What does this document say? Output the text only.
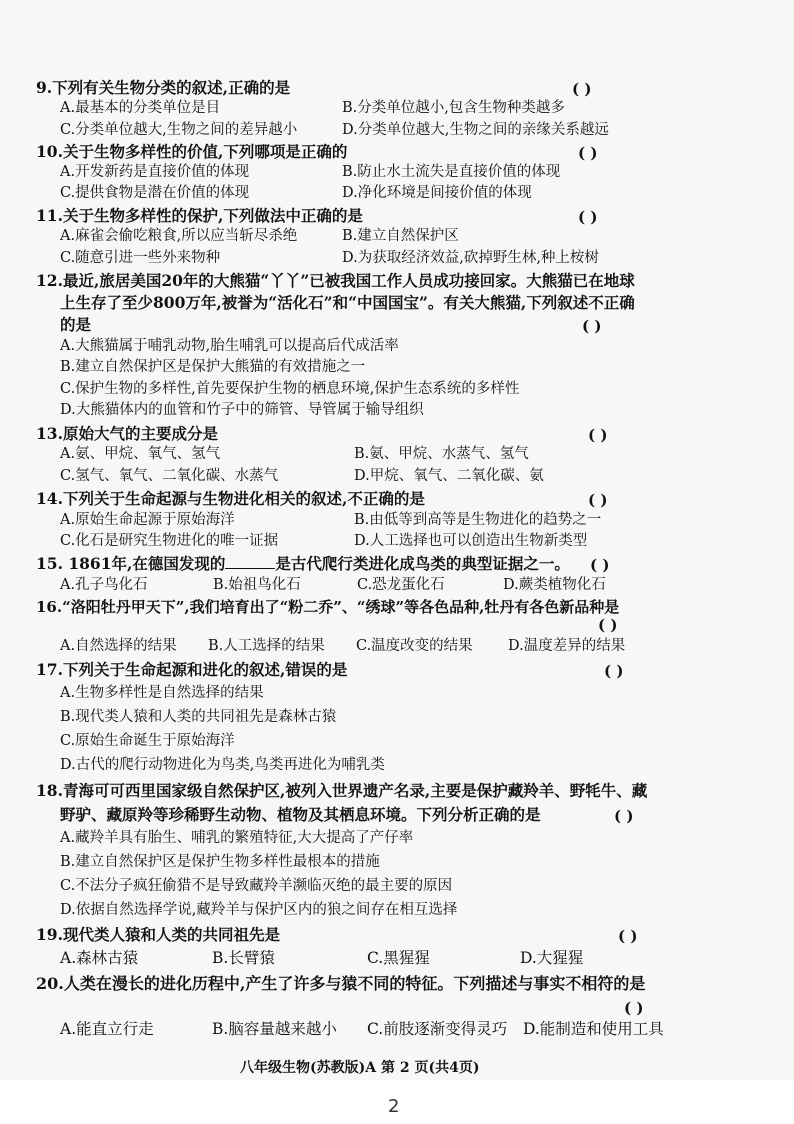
9.下列有关生物分类的叙述,正确的是	( )
A.最基本的分类单位是目	B.分类单位越小,包含生物种类越多
C.分类单位越大,生物之间的差异越小	D.分类单位越大,生物之间的亲缘关系越远
10.关于生物多样性的价值,下列哪项是正确的	( )
A.开发新药是直接价值的体现	B.防止水土流失是直接价值的体现
C.提供食物是潜在价值的体现	D.净化环境是间接价值的体现
11.关于生物多样性的保护,下列做法中正确的是	( )
A.麻雀会偷吃粮食,所以应当斩尽杀绝	B.建立自然保护区
C.随意引进一些外来物种	D.为获取经济效益,砍掉野生林,种上桉树
12.最近,旅居美国20年的大熊猫“丫丫”已被我国工作人员成功接回家。大熊猫已在地球
上生存了至少800万年,被誉为“活化石”和“中国国宝”。有关大熊猫,下列叙述不正确
的是	( )
A.大熊猫属于哺乳动物,胎生哺乳可以提高后代成活率
B.建立自然保护区是保护大熊猫的有效措施之一
C.保护生物的多样性,首先要保护生物的栖息环境,保护生态系统的多样性
D.大熊猫体内的血管和竹子中的筛管、导管属于输导组织
13.原始大气的主要成分是	( )
A.氨、甲烷、氧气、氢气	B.氨、甲烷、水蒸气、氢气
C.氢气、氧气、二氧化碳、水蒸气	D.甲烷、氧气、二氧化碳、氨
14.下列关于生命起源与生物进化相关的叙述,不正确的是	( )
A.原始生命起源于原始海洋	B.由低等到高等是生物进化的趋势之一
C.化石是研究生物进化的唯一证据	D.人工选择也可以创造出生物新类型
15. 1861年,在德国发现的	是古代爬行类进化成鸟类的典型证据之一。 ( )
A.孔子鸟化石	B.始祖鸟化石	C.恐龙蛋化石	D.蕨类植物化石
16.“洛阳牡丹甲天下”,我们培育出了“粉二乔”、“绣球”等各色品种,牡丹有各色新品种是
( )
A.自然选择的结果 B.人工选择的结果 C.温度改变的结果 D.温度差异的结果
17.下列关于生命起源和进化的叙述,错误的是	( )
A.生物多样性是自然选择的结果
B.现代类人猿和人类的共同祖先是森林古猿
C.原始生命诞生于原始海洋
D.古代的爬行动物进化为鸟类,鸟类再进化为哺乳类
18.青海可可西里国家级自然保护区,被列入世界遗产名录,主要是保护藏羚羊、野牦牛、藏
野驴、藏原羚等珍稀野生动物、植物及其栖息环境。下列分析正确的是	( )
A.藏羚羊具有胎生、哺乳的繁殖特征,大大提高了产仔率
B.建立自然保护区是保护生物多样性最根本的措施
C.不法分子疯狂偷猎不是导致藏羚羊濒临灭绝的最主要的原因
D.依据自然选择学说,藏羚羊与保护区内的狼之间存在相互选择
19.现代类人猿和人类的共同祖先是	( )
A.森林古猿	B.长臂猿	C.黑猩猩	D.大猩猩
20.人类在漫长的进化历程中,产生了许多与猿不同的特征。下列描述与事实不相符的是
( )
A.能直立行走	B.脑容量越来越小 C.前肢逐渐变得灵巧 D.能制造和使用工具
八年级生物(苏教版)A 第 2 页(共4页)
2
